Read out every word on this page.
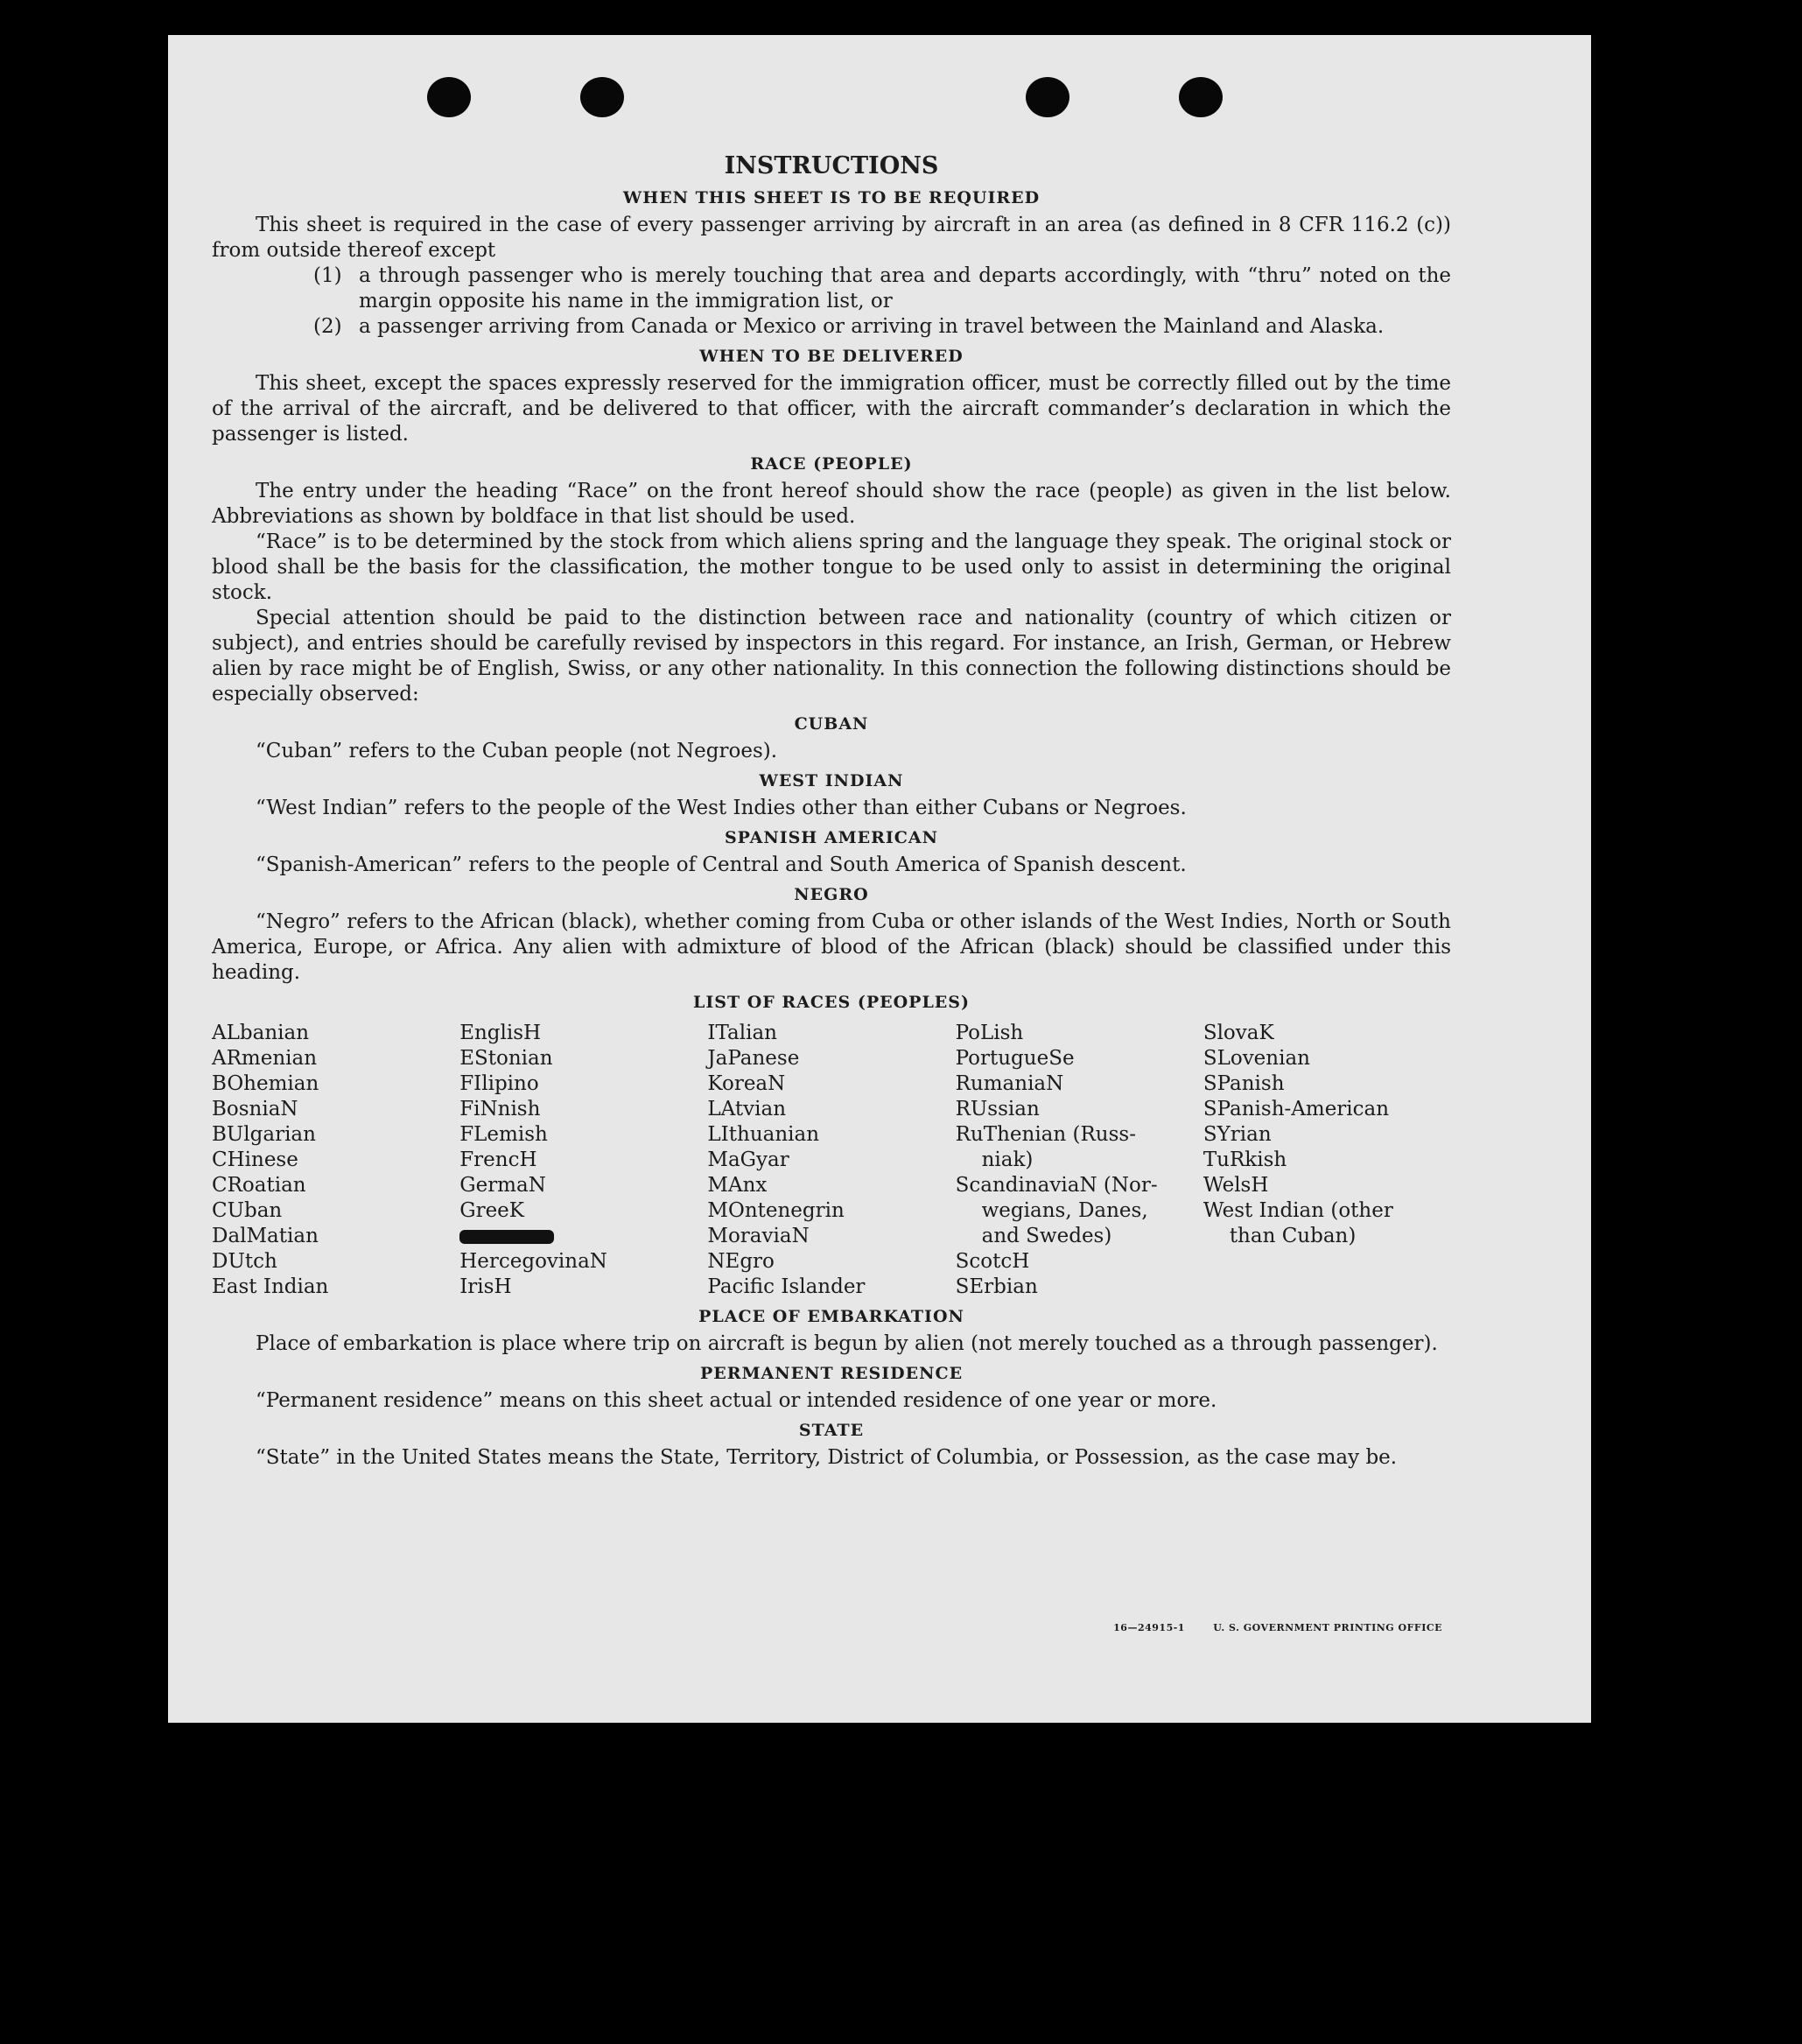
INSTRUCTIONS
WHEN THIS SHEET IS TO BE REQUIRED

This sheet is required in the case of every passenger arriving by aircraft in an area (as defined in 8 CFR 116.2 (c)) from outside thereof except

(1) a through passenger who is merely touching that area and departs accordingly, with “thru” noted on the margin opposite his name in the immigration list, or
(2) a passenger arriving from Canada or Mexico or arriving in travel between the Mainland and Alaska.
WHEN TO BE DELIVERED

This sheet, except the spaces expressly reserved for the immigration officer, must be correctly filled out by the time of the arrival of the aircraft, and be delivered to that officer, with the aircraft commander’s declaration in which the passenger is listed.

RACE (PEOPLE)

The entry under the heading “Race” on the front hereof should show the race (people) as given in the list below. Abbreviations as shown by boldface in that list should be used.

“Race” is to be determined by the stock from which aliens spring and the language they speak. The original stock or blood shall be the basis for the classification, the mother tongue to be used only to assist in determining the original stock.

Special attention should be paid to the distinction between race and nationality (country of which citizen or subject), and entries should be carefully revised by inspectors in this regard. For instance, an Irish, German, or Hebrew alien by race might be of English, Swiss, or any other nationality. In this connection the following distinctions should be especially observed:

CUBAN

“Cuban” refers to the Cuban people (not Negroes).

WEST INDIAN

“West Indian” refers to the people of the West Indies other than either Cubans or Negroes.

SPANISH AMERICAN

“Spanish-American” refers to the people of Central and South America of Spanish descent.

NEGRO

“Negro” refers to the African (black), whether coming from Cuba or other islands of the West Indies, North or South America, Europe, or Africa. Any alien with admixture of blood of the African (black) should be classified under this heading.

LIST OF RACES (PEOPLES)
ALbanian
ARmenian
BOhemian
BosniaN
BUlgarian
CHinese
CRoatian
CUban
DalMatian
DUtch
East Indian
EnglisH
EStonian
FIlipino
FiNnish
FLemish
FrencH
GermaN
GreeK
HercegovinaN
IrisH
ITalian
JaPanese
KoreaN
LAtvian
LIthuanian
MaGyar
MAnx
MOntenegrin
MoraviaN
NEgro
Pacific Islander
PoLish
PortugueSe
RumaniaN
RUssian
RuThenian (Russ-
niak)
ScandinaviaN (Nor-
wegians, Danes,
and Swedes)
ScotcH
SErbian
SlovaK
SLovenian
SPanish
SPanish-American
SYrian
TuRkish
WelsH
West Indian (other
than Cuban)
PLACE OF EMBARKATION

Place of embarkation is place where trip on aircraft is begun by alien (not merely touched as a through passenger).

PERMANENT RESIDENCE

“Permanent residence” means on this sheet actual or intended residence of one year or more.

STATE

“State” in the United States means the State, Territory, District of Columbia, or Possession, as the case may be.

16—24915-1	U. S. GOVERNMENT PRINTING OFFICE
